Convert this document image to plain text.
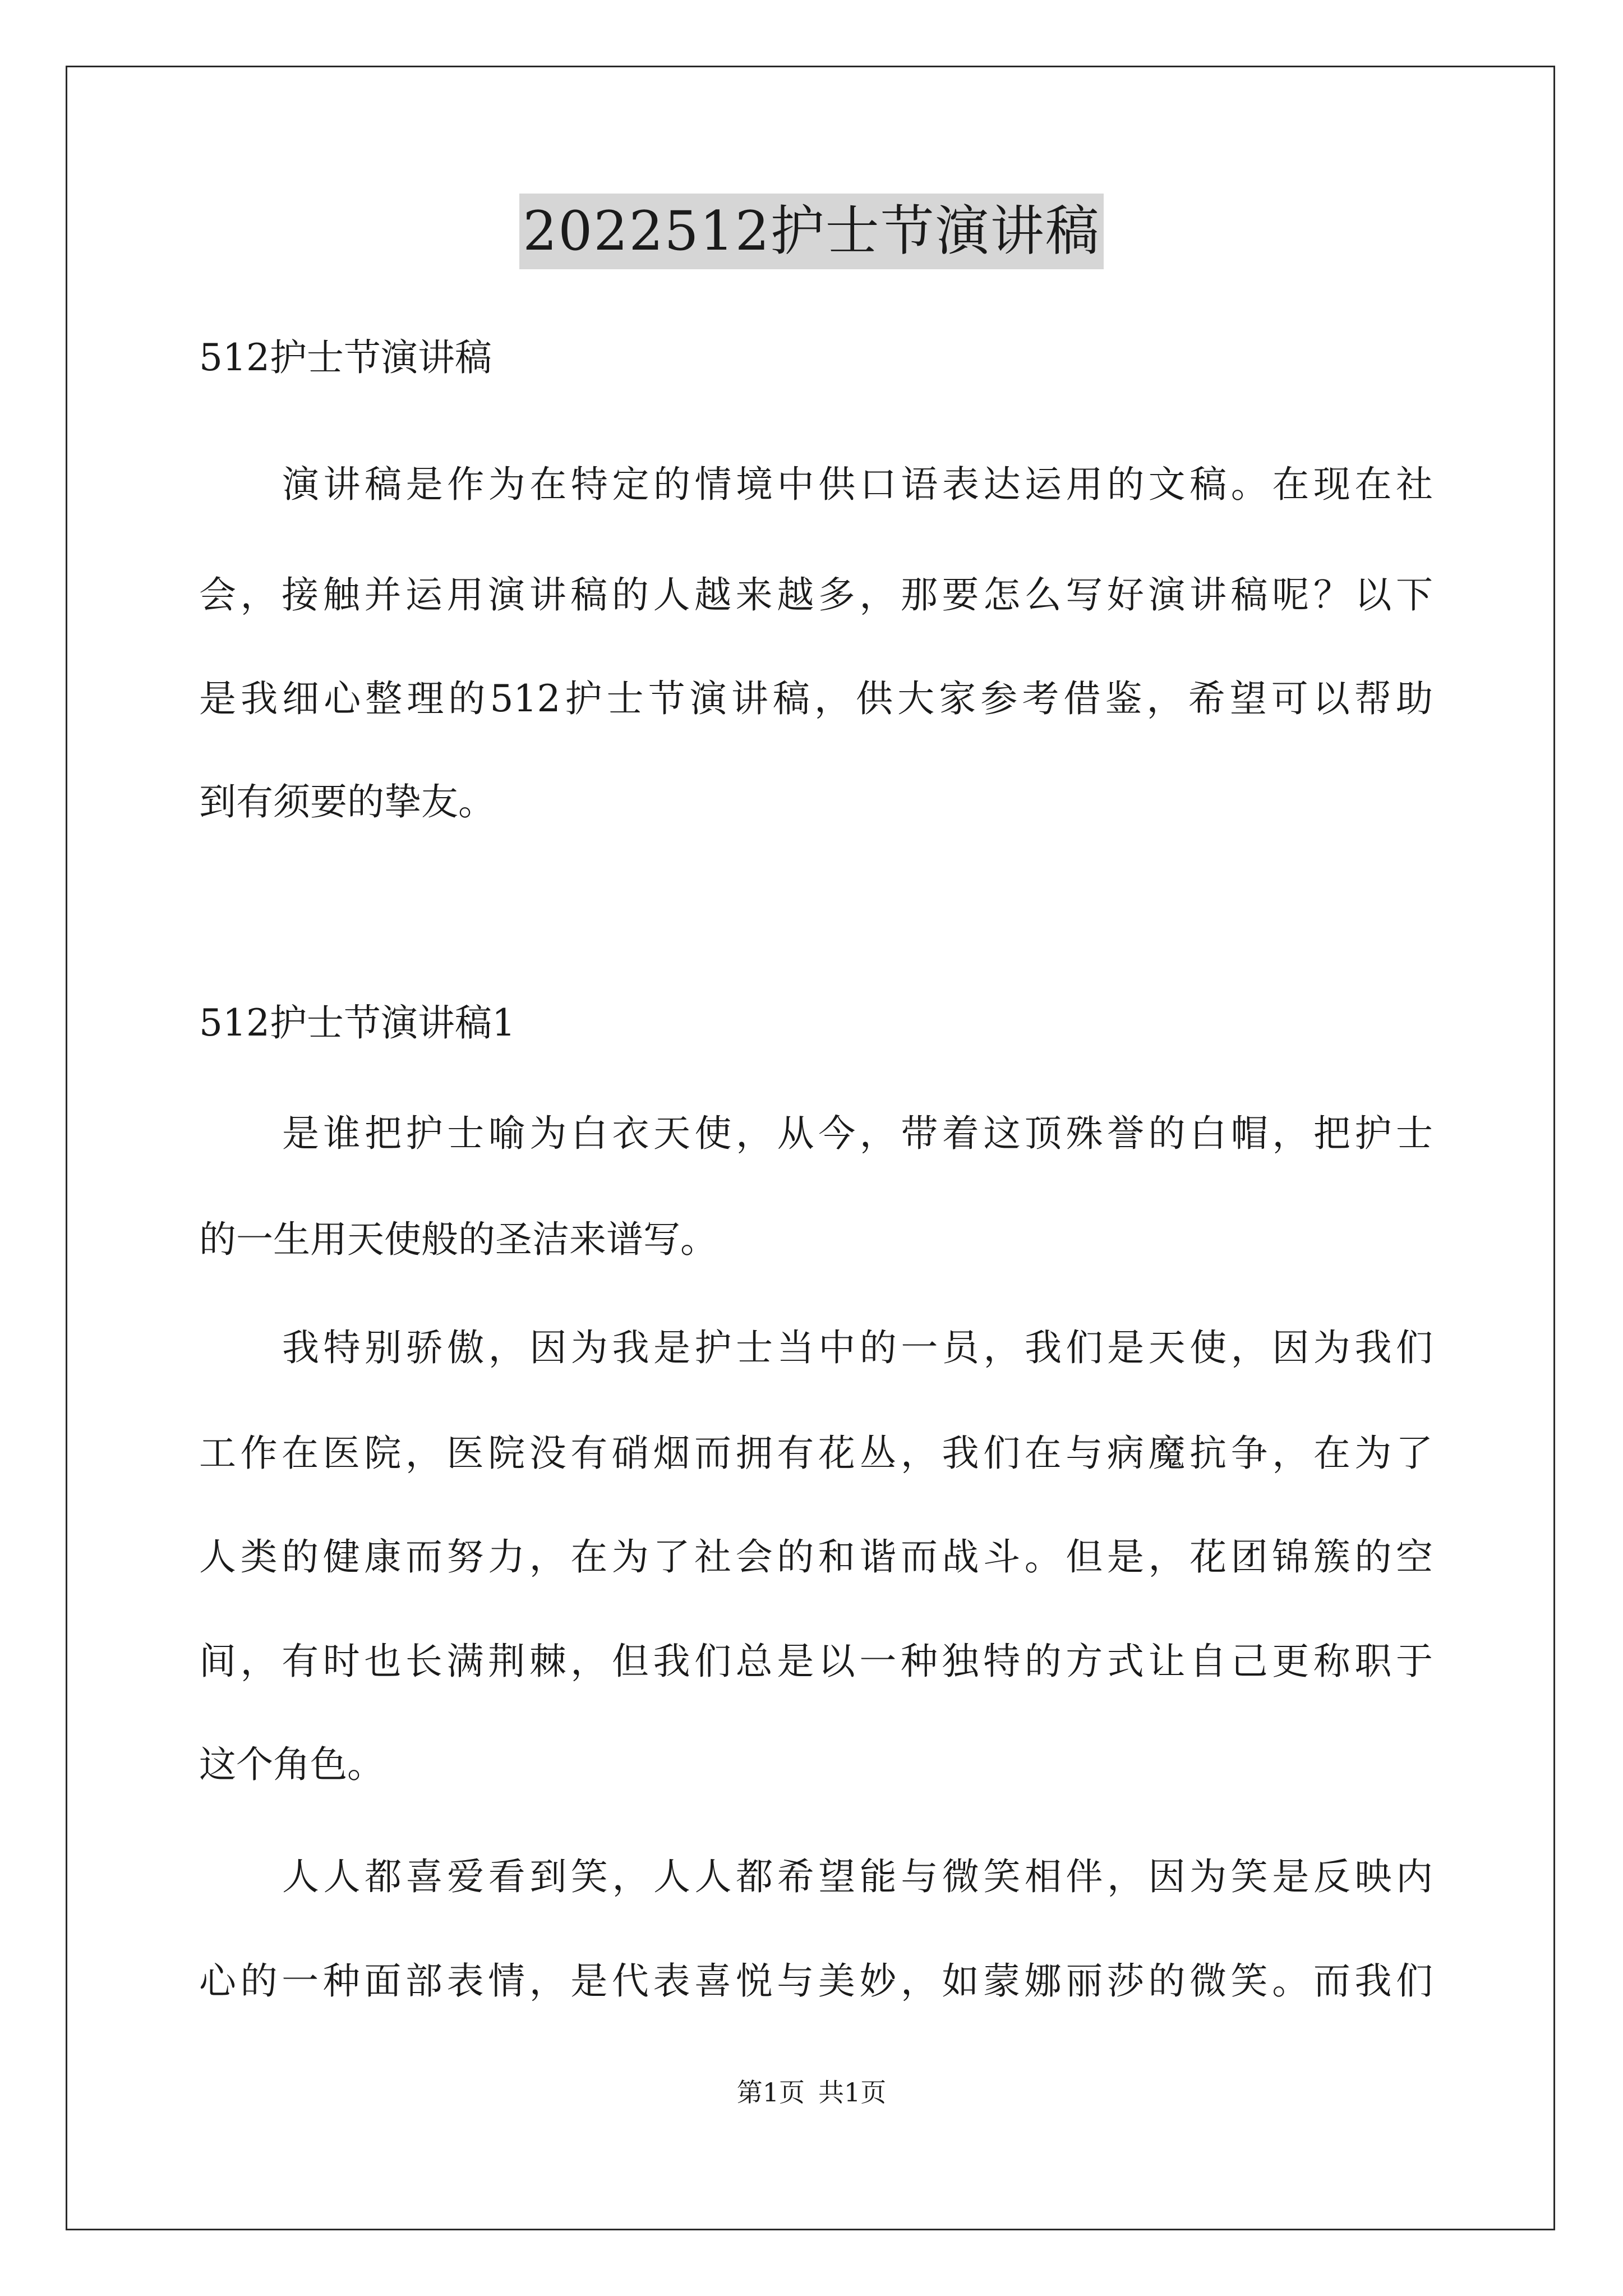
2022512护士节演讲稿
512护士节演讲稿
演讲稿是作为在特定的情境中供口语表达运用的文稿。在现在社
会，接触并运用演讲稿的人越来越多，那要怎么写好演讲稿呢？以下
是我细心整理的512护士节演讲稿，供大家参考借鉴，希望可以帮助
到有须要的挚友。
512护士节演讲稿1
是谁把护士喻为白衣天使，从今，带着这顶殊誉的白帽，把护士
的一生用天使般的圣洁来谱写。
我特别骄傲，因为我是护士当中的一员，我们是天使，因为我们
工作在医院，医院没有硝烟而拥有花丛，我们在与病魔抗争，在为了
人类的健康而努力，在为了社会的和谐而战斗。但是，花团锦簇的空
间，有时也长满荆棘，但我们总是以一种独特的方式让自己更称职于
这个角色。
人人都喜爱看到笑，人人都希望能与微笑相伴，因为笑是反映内
心的一种面部表情，是代表喜悦与美妙，如蒙娜丽莎的微笑。而我们
第1页 共1页
